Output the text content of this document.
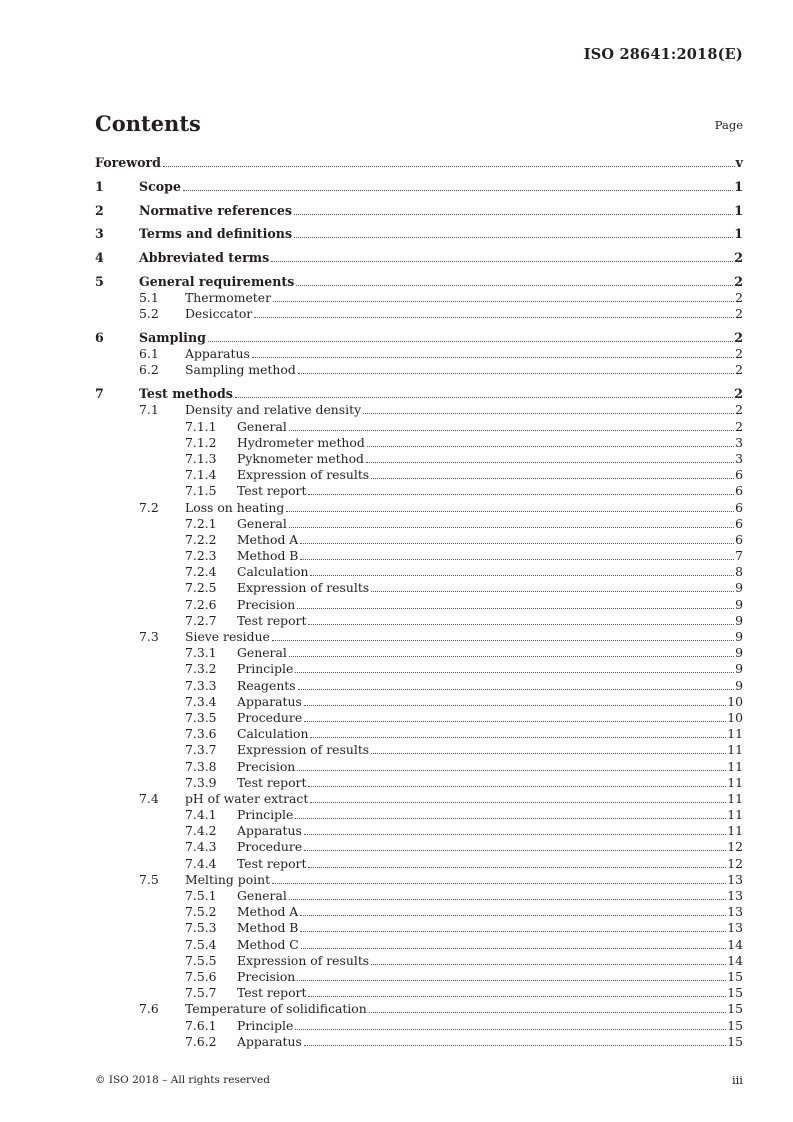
ISO 28641:2018(E)
Contents	Page
Foreword	v
1	Scope	1
2	Normative references	1
3	Terms and definitions	1
4	Abbreviated terms	2
5	General requirements	2
5.1 Thermometer	2
5.2 Desiccator	2
6	Sampling	2
6.1 Apparatus	2
6.2 Sampling method	2
7	Test methods	2
7.1 Density and relative density	2
7.1.1 General	2
7.1.2 Hydrometer method	3
7.1.3 Pyknometer method	3
7.1.4 Expression of results	6
7.1.5 Test report	6
7.2 Loss on heating	6
7.2.1 General	6
7.2.2 Method A	6
7.2.3 Method B	7
7.2.4 Calculation	8
7.2.5 Expression of results	9
7.2.6 Precision	9
7.2.7 Test report	9
7.3 Sieve residue	9
7.3.1 General	9
7.3.2 Principle	9
7.3.3 Reagents	9
7.3.4 Apparatus	10
7.3.5 Procedure	10
7.3.6 Calculation	11
7.3.7 Expression of results	11
7.3.8 Precision	11
7.3.9 Test report	11
7.4 pH of water extract	11
7.4.1 Principle	11
7.4.2 Apparatus	11
7.4.3 Procedure	12
7.4.4 Test report	12
7.5 Melting point	13
7.5.1 General	13
7.5.2 Method A	13
7.5.3 Method B	13
7.5.4 Method C	14
7.5.5 Expression of results	14
7.5.6 Precision	15
7.5.7 Test report	15
7.6 Temperature of solidification	15
7.6.1 Principle	15
7.6.2 Apparatus	15
© ISO 2018 – All rights reserved	iii
